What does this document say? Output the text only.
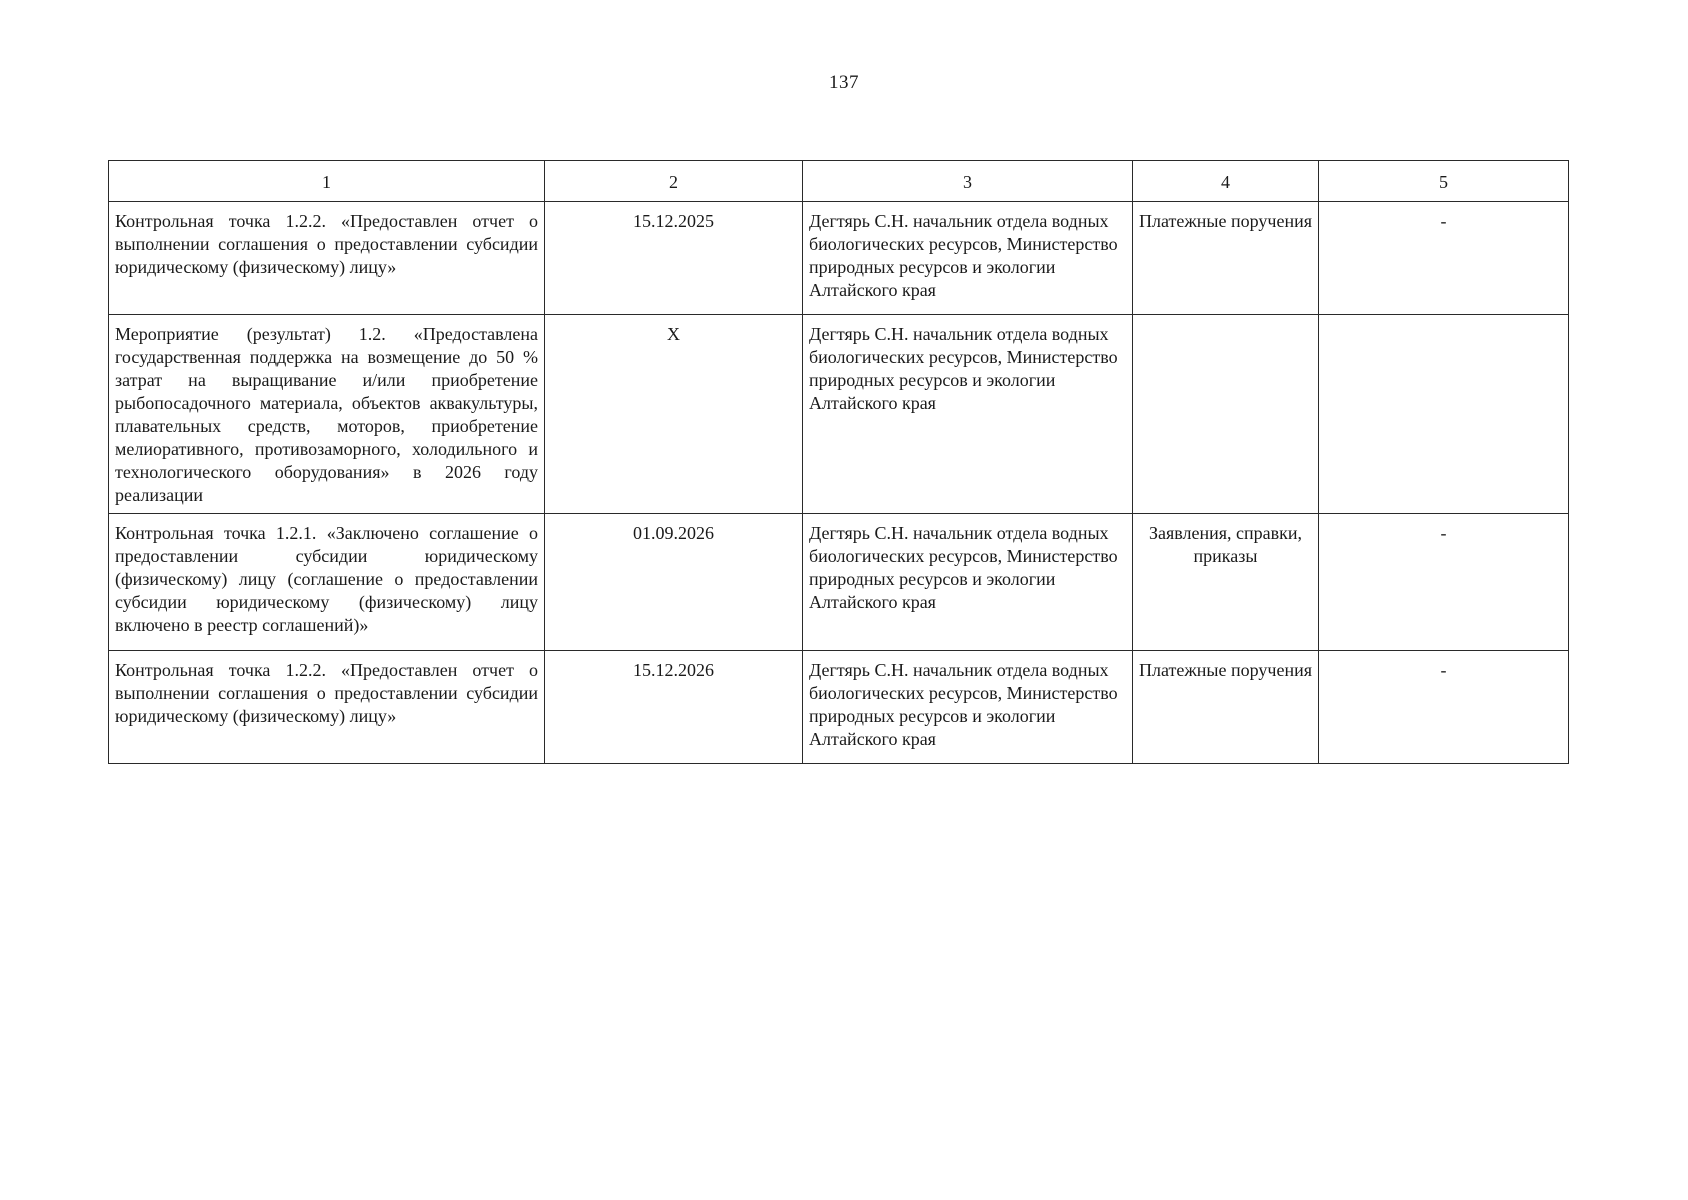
137
1	2	3	4	5
Контрольная точка 1.2.2. «Предоставлен отчет о выполнении соглашения о предоставлении субсидии юридическому (физическому) лицу»	15.12.2025	Дегтярь С.Н. начальник отдела водных биологических ресурсов, Министерство природных ресурсов и экологии Алтайского края	Платежные поручения	-
Мероприятие (результат) 1.2. «Предоставлена государственная поддержка на возмещение до 50 % затрат на выращивание и/или приобретение рыбопосадочного материала, объектов аквакультуры, плавательных средств, моторов, приобретение мелиоративного, противозаморного, холодильного и технологического оборудования» в 2026 году реализации	Х	Дегтярь С.Н. начальник отдела водных биологических ресурсов, Министерство природных ресурсов и экологии Алтайского края		
Контрольная точка 1.2.1. «Заключено соглашение о предоставлении субсидии юридическому (физическому) лицу (соглашение о предоставлении субсидии юридическому (физическому) лицу включено в реестр соглашений)»	01.09.2026	Дегтярь С.Н. начальник отдела водных биологических ресурсов, Министерство природных ресурсов и экологии Алтайского края	Заявления, справки, приказы	-
Контрольная точка 1.2.2. «Предоставлен отчет о выполнении соглашения о предоставлении субсидии юридическому (физическому) лицу»	15.12.2026	Дегтярь С.Н. начальник отдела водных биологических ресурсов, Министерство природных ресурсов и экологии Алтайского края	Платежные поручения	-
